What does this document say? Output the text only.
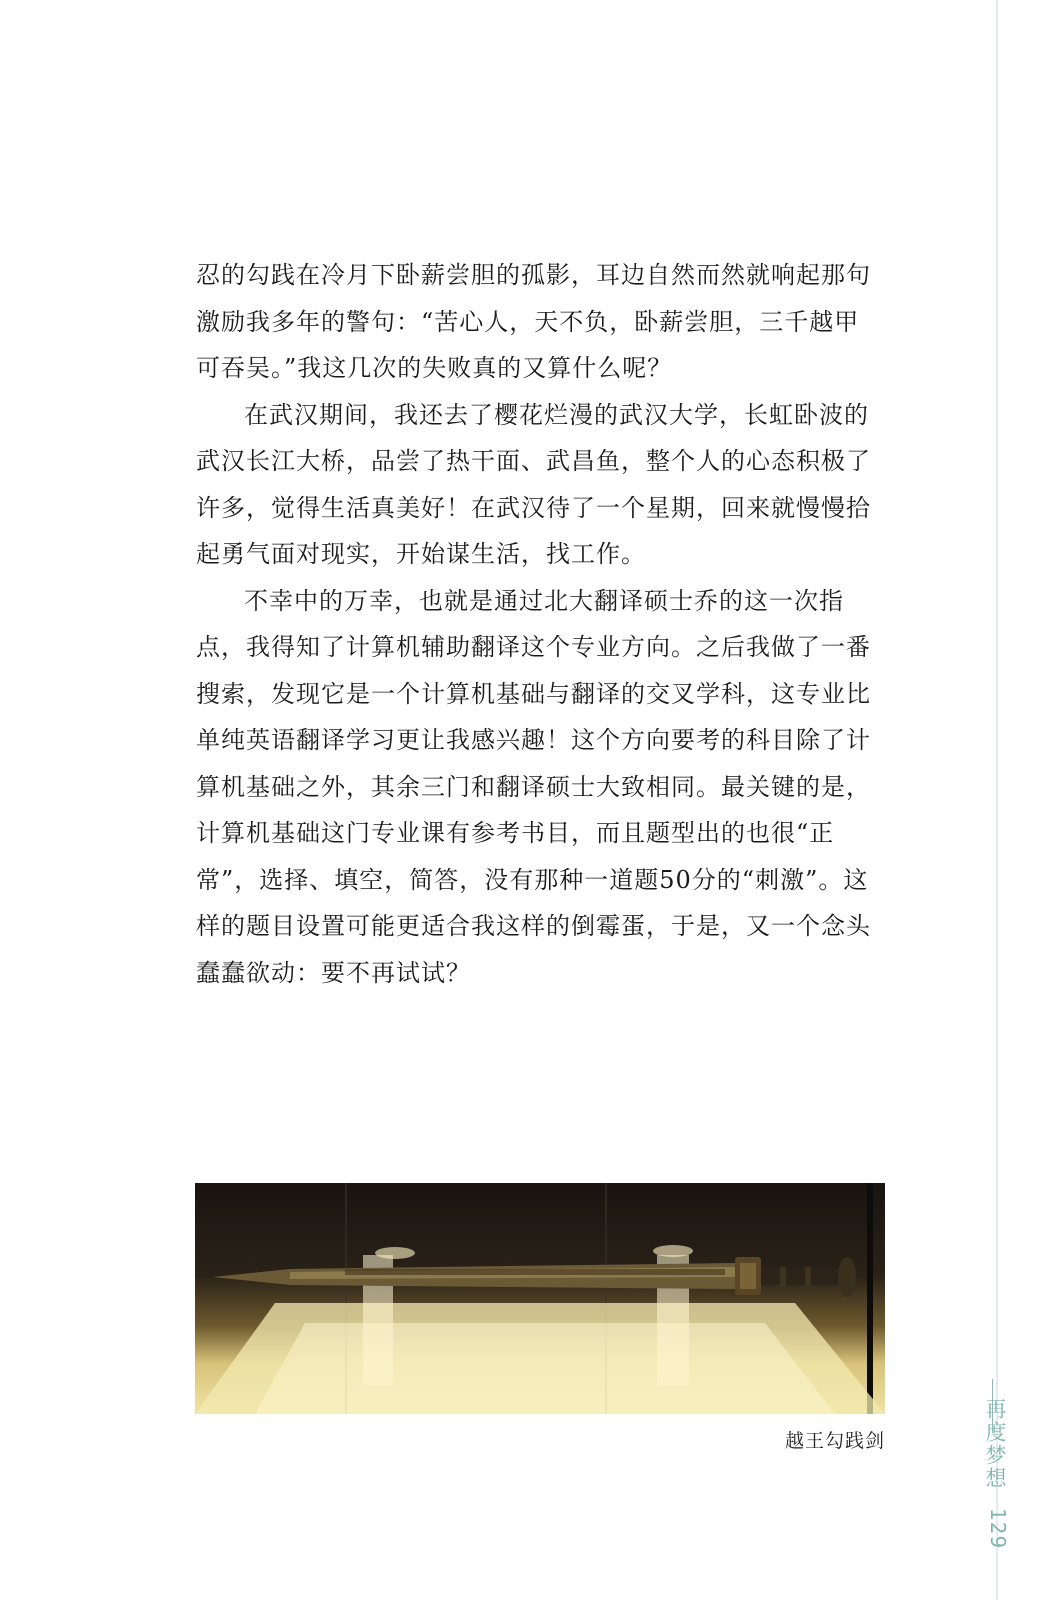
忍的勾践在冷月下卧薪尝胆的孤影，耳边自然而然就响起那句激励我多年的警句：“苦心人，天不负，卧薪尝胆，三千越甲可吞吴。”我这几次的失败真的又算什么呢？

在武汉期间，我还去了樱花烂漫的武汉大学，长虹卧波的武汉长江大桥，品尝了热干面、武昌鱼，整个人的心态积极了许多，觉得生活真美好！在武汉待了一个星期，回来就慢慢拾起勇气面对现实，开始谋生活，找工作。

不幸中的万幸，也就是通过北大翻译硕士乔的这一次指点，我得知了计算机辅助翻译这个专业方向。之后我做了一番搜索，发现它是一个计算机基础与翻译的交叉学科，这专业比单纯英语翻译学习更让我感兴趣！这个方向要考的科目除了计算机基础之外，其余三门和翻译硕士大致相同。最关键的是，计算机基础这门专业课有参考书目，而且题型出的也很“正常”，选择、填空，简答，没有那种一道题50分的“刺激”。这样的题目设置可能更适合我这样的倒霉蛋，于是，又一个念头蠢蠢欲动：要不再试试？

越王勾践剑	再度梦想
129
